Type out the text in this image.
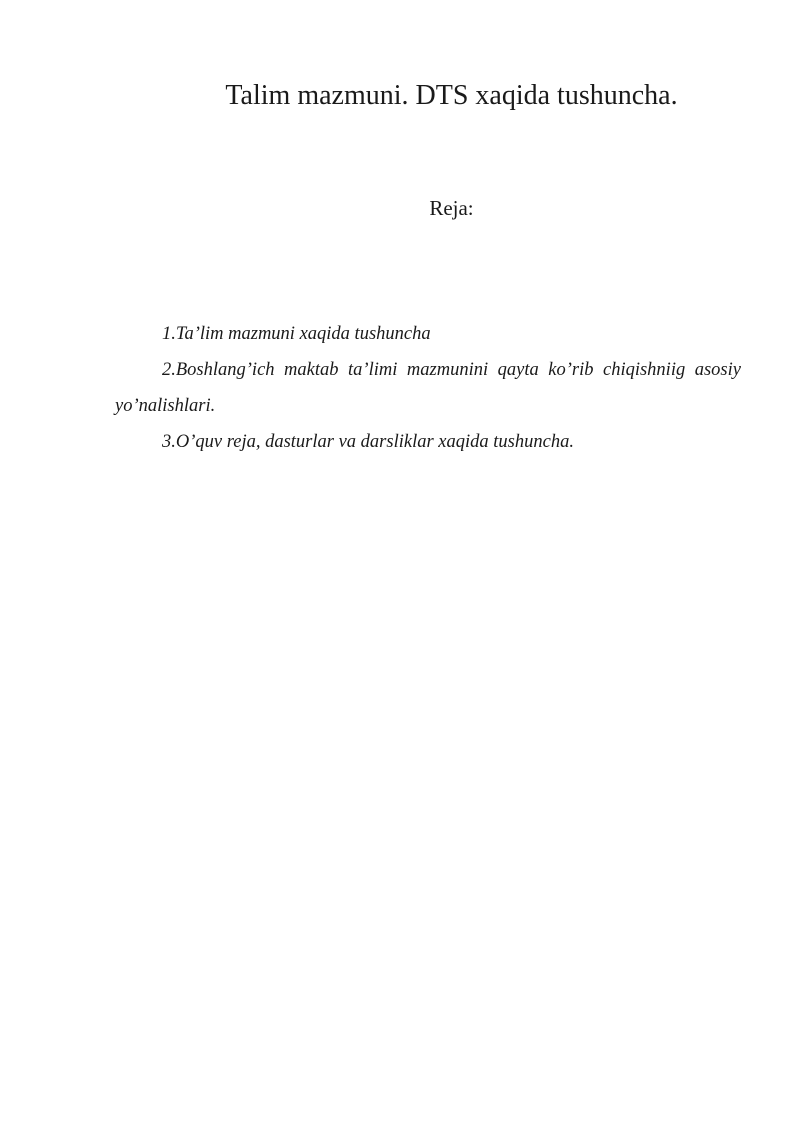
Talim mazmuni. DTS xaqida tushuncha.
Reja:
1.Ta’lim mazmuni xaqida tushuncha
2.Boshlang’ich maktab ta’limi mazmunini qayta ko’rib chiqishniig asosiy yo’nalishlari.
3.O’quv reja, dasturlar va darsliklar xaqida tushuncha.
